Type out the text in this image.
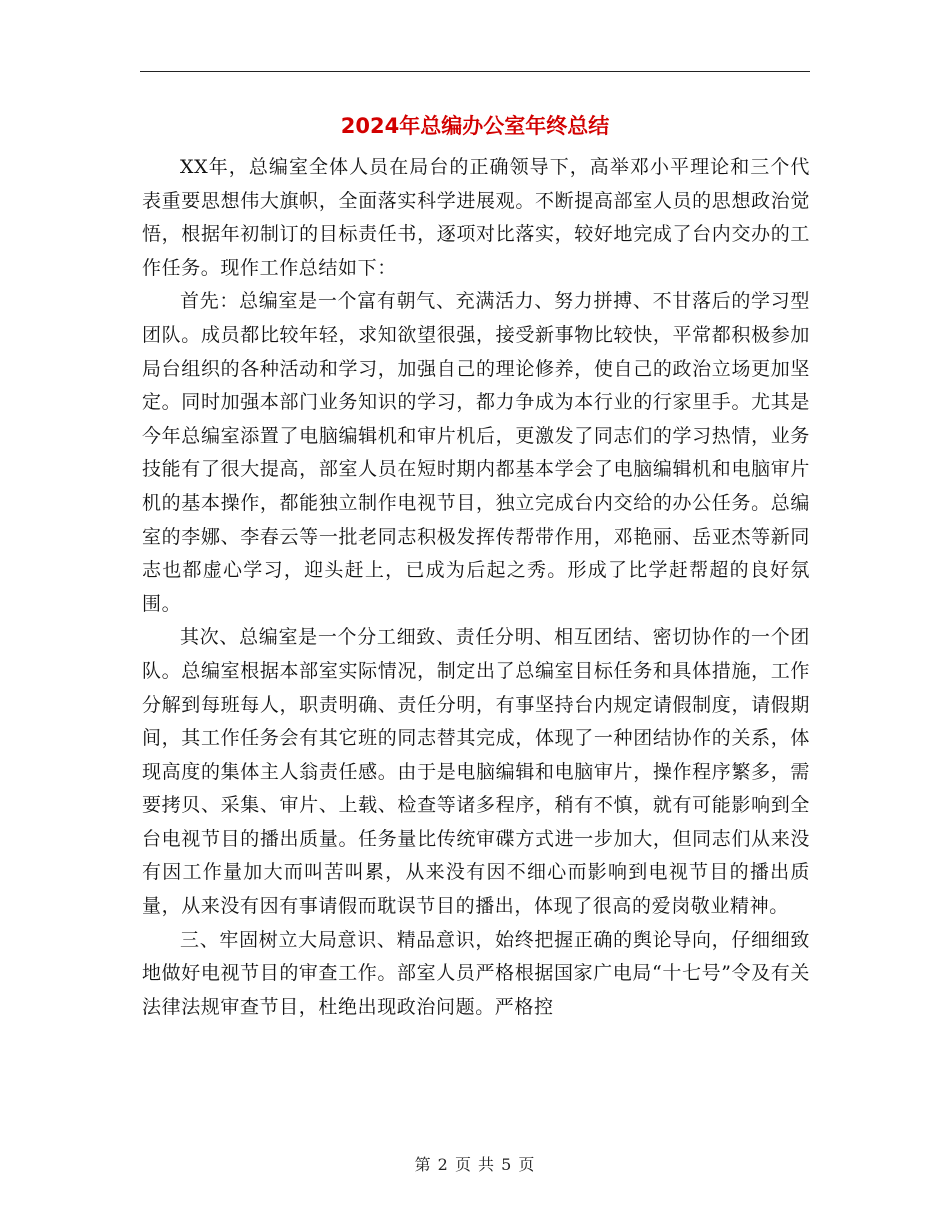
2024年总编办公室年终总结

XX年，总编室全体人员在局台的正确领导下，高举邓小平理论和三个代表重要思想伟大旗帜，全面落实科学进展观。不断提高部室人员的思想政治觉悟，根据年初制订的目标责任书，逐项对比落实，较好地完成了台内交办的工作任务。现作工作总结如下：

首先：总编室是一个富有朝气、充满活力、努力拼搏、不甘落后的学习型团队。成员都比较年轻，求知欲望很强，接受新事物比较快，平常都积极参加局台组织的各种活动和学习，加强自己的理论修养，使自己的政治立场更加坚定。同时加强本部门业务知识的学习，都力争成为本行业的行家里手。尤其是今年总编室添置了电脑编辑机和审片机后，更激发了同志们的学习热情，业务技能有了很大提高，部室人员在短时期内都基本学会了电脑编辑机和电脑审片机的基本操作，都能独立制作电视节目，独立完成台内交给的办公任务。总编室的李娜、李春云等一批老同志积极发挥传帮带作用，邓艳丽、岳亚杰等新同志也都虚心学习，迎头赶上，已成为后起之秀。形成了比学赶帮超的良好氛围。

其次、总编室是一个分工细致、责任分明、相互团结、密切协作的一个团队。总编室根据本部室实际情况，制定出了总编室目标任务和具体措施，工作分解到每班每人，职责明确、责任分明，有事坚持台内规定请假制度，请假期间，其工作任务会有其它班的同志替其完成，体现了一种团结协作的关系，体现高度的集体主人翁责任感。由于是电脑编辑和电脑审片，操作程序繁多，需要拷贝、采集、审片、上载、检查等诸多程序，稍有不慎，就有可能影响到全台电视节目的播出质量。任务量比传统审碟方式进一步加大，但同志们从来没有因工作量加大而叫苦叫累，从来没有因不细心而影响到电视节目的播出质量，从来没有因有事请假而耽误节目的播出，体现了很高的爱岗敬业精神。

三、牢固树立大局意识、精品意识，始终把握正确的舆论导向，仔细细致地做好电视节目的审查工作。部室人员严格根据国家广电局“十七号”令及有关法律法规审查节目，杜绝出现政治问题。严格控

第 2 页 共 5 页
